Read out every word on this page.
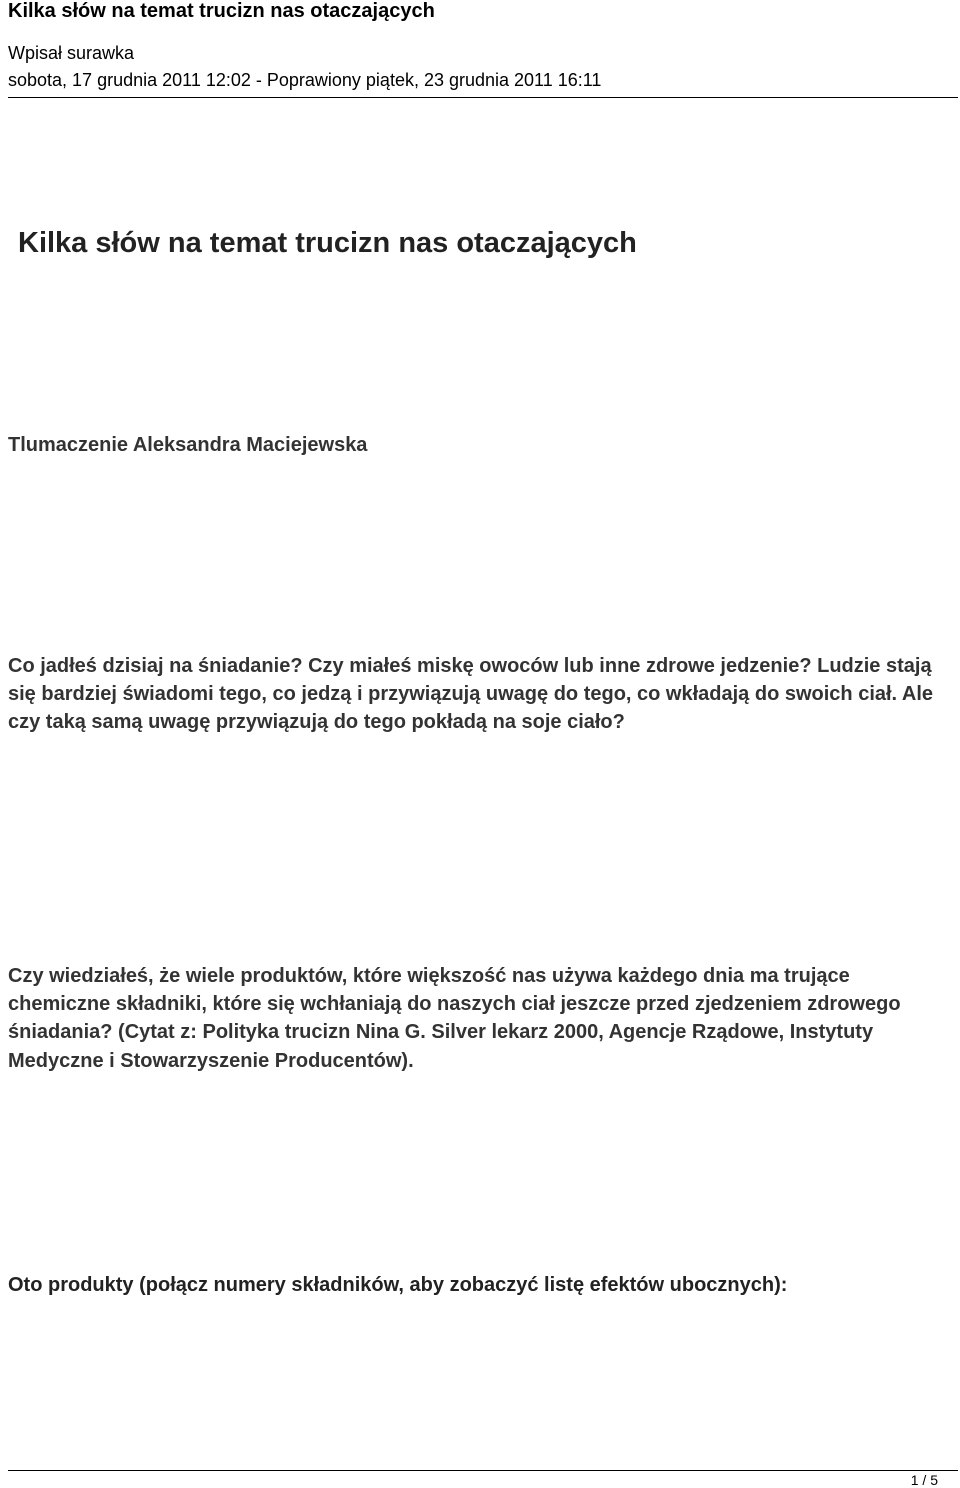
Kilka słów na temat trucizn nas otaczających
Wpisał surawka
sobota, 17 grudnia 2011 12:02 - Poprawiony piątek, 23 grudnia 2011 16:11
Kilka słów na temat trucizn nas otaczających
Tlumaczenie Aleksandra Maciejewska

Co jadłeś dzisiaj na śniadanie? Czy miałeś miskę owoców lub inne zdrowe jedzenie? Ludzie stają się bardziej świadomi tego, co jedzą i przywiązują uwagę do tego, co wkładają do swoich ciał. Ale czy taką samą uwagę przywiązują do tego pokładą na soje ciało?

Czy wiedziałeś, że wiele produktów, które większość nas używa każdego dnia ma trujące chemiczne składniki, które się wchłaniają do naszych ciał jeszcze przed zjedzeniem zdrowego śniadania? (Cytat z: Polityka trucizn Nina G. Silver lekarz 2000, Agencje Rządowe, Instytuty Medyczne i Stowarzyszenie Producentów).

Oto produkty (połącz numery składników, aby zobaczyć listę efektów ubocznych):

1 / 5
